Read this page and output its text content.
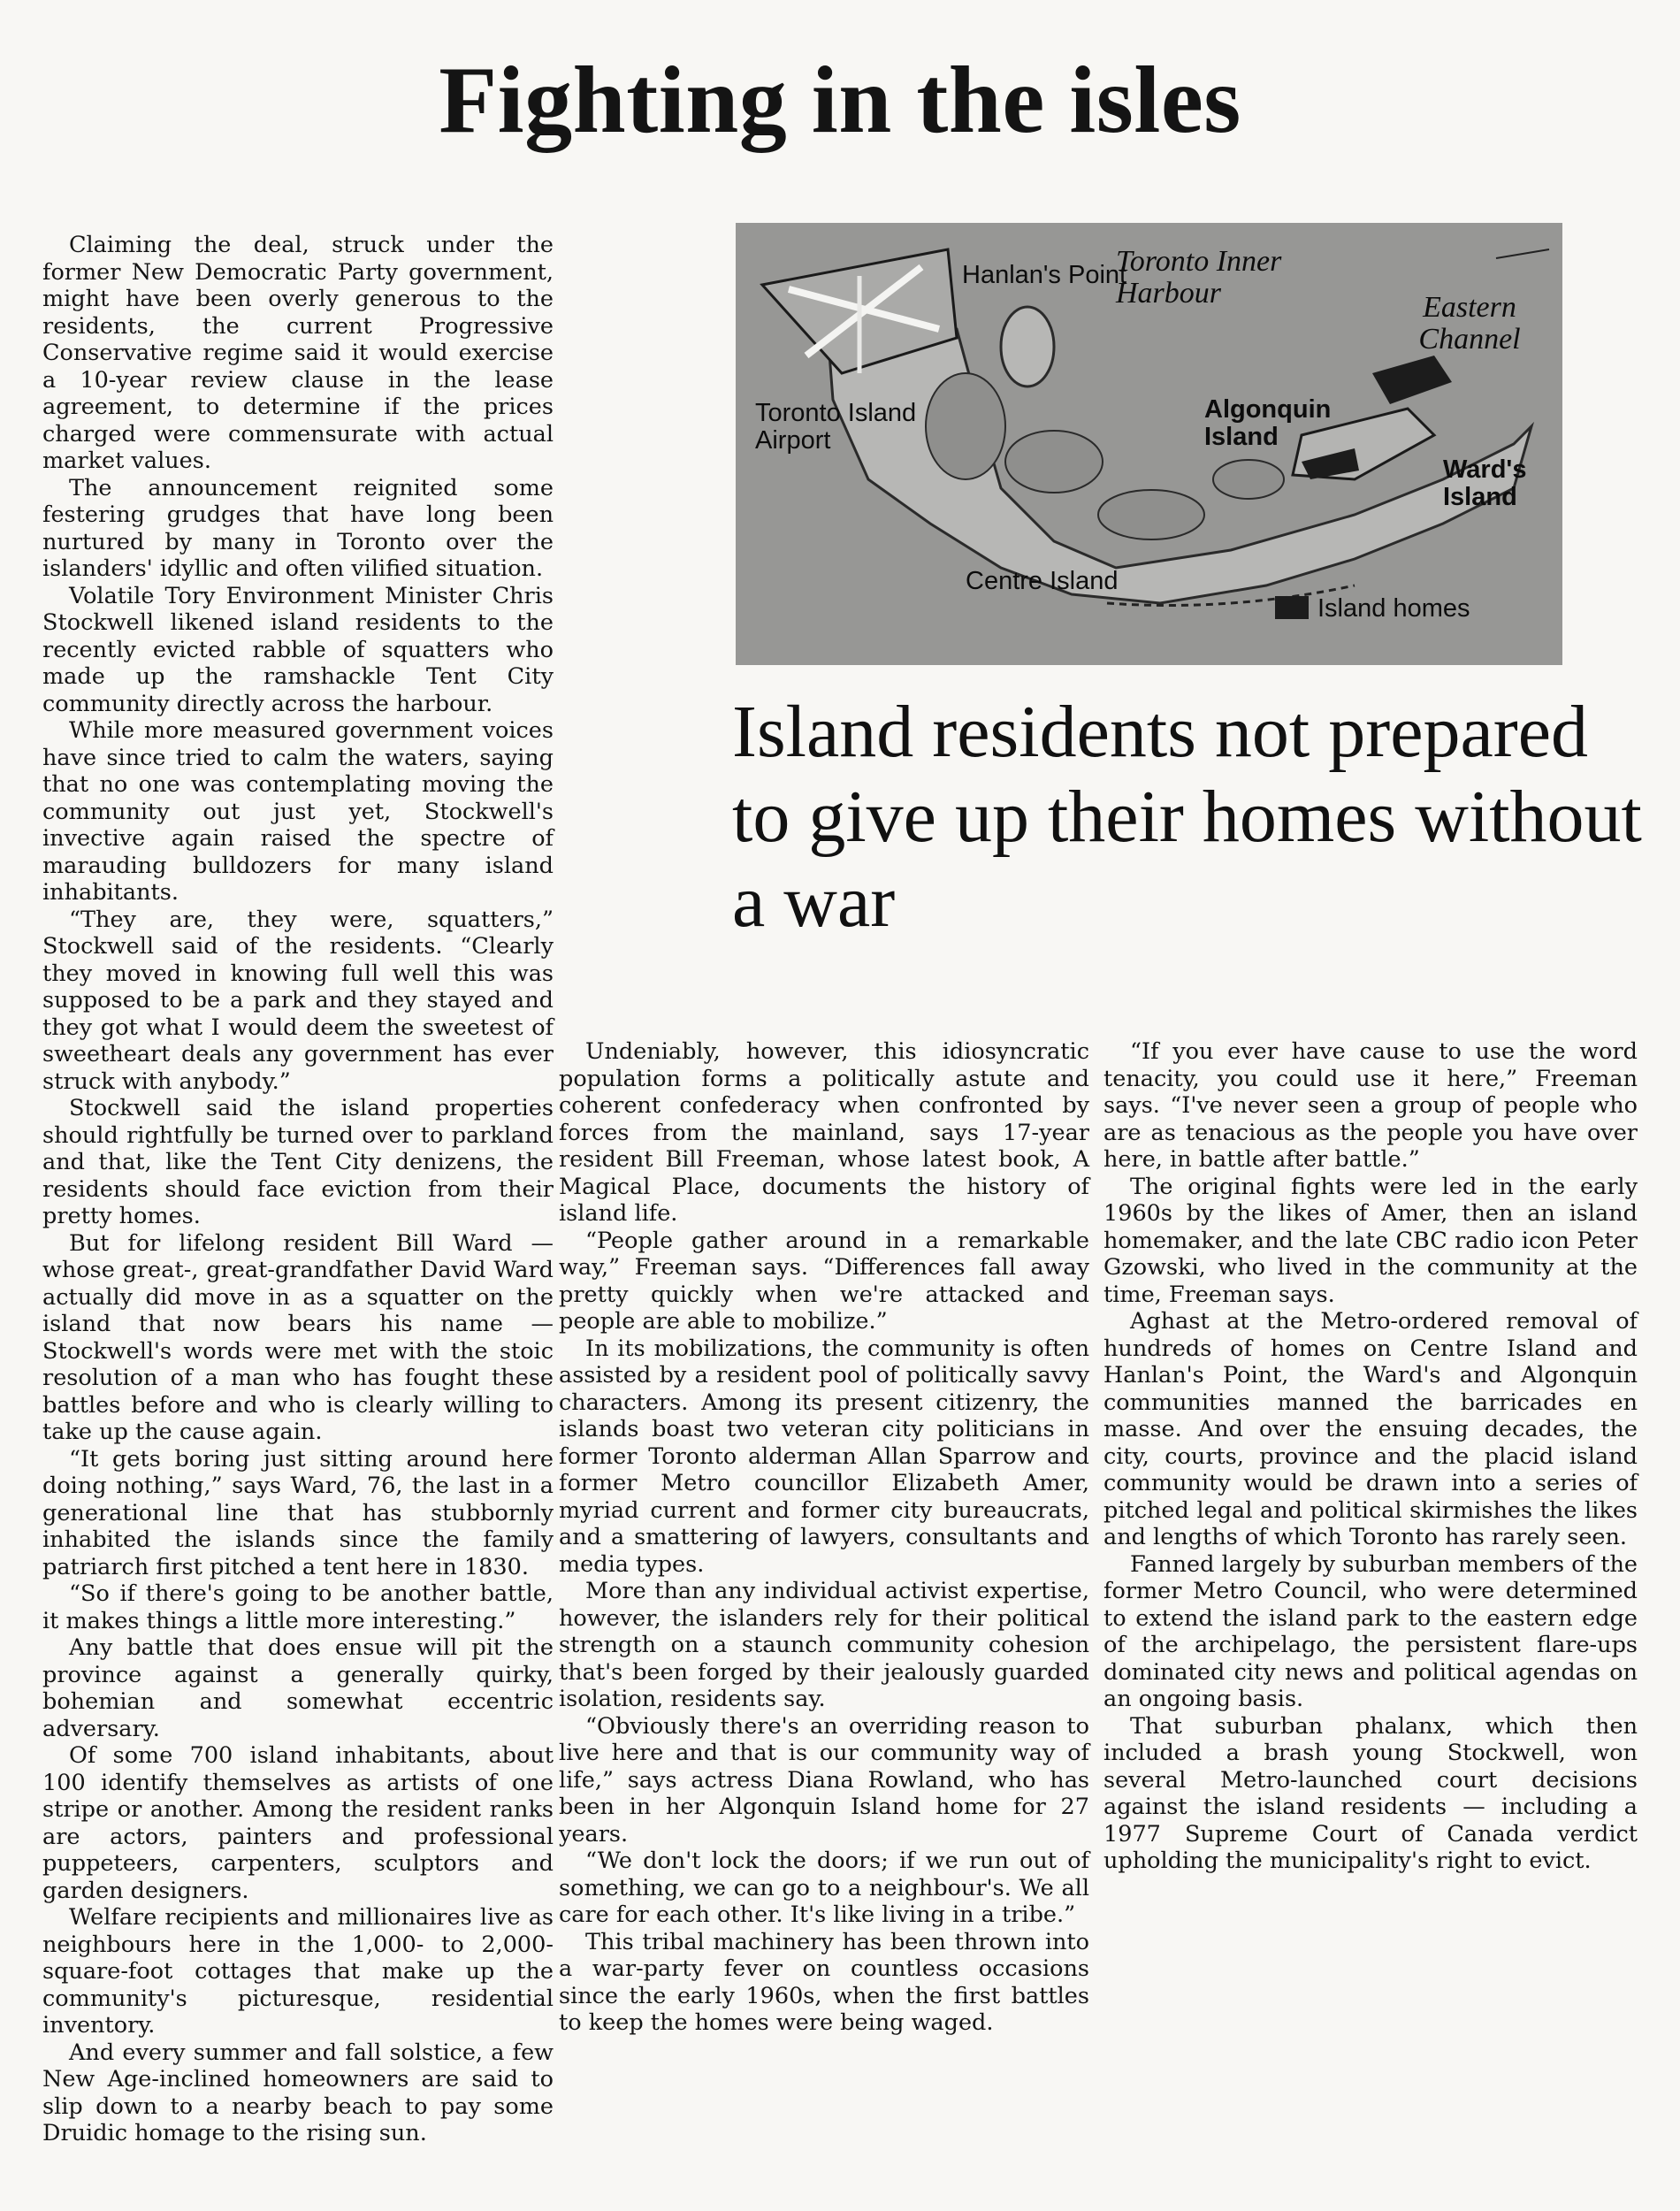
Fighting in the isles

Claiming the deal, struck under the former New Democratic Party government, might have been overly generous to the residents, the current Progressive Conservative regime said it would exercise a 10-year review clause in the lease agreement, to determine if the prices charged were commensurate with actual market values.

The announcement reignited some festering grudges that have long been nurtured by many in Toronto over the islanders' idyllic and often vilified situation.

Volatile Tory Environment Minister Chris Stockwell likened island residents to the recently evicted rabble of squatters who made up the ramshackle Tent City community directly across the harbour.

While more measured government voices have since tried to calm the waters, saying that no one was contemplating moving the community out just yet, Stockwell's invective again raised the spectre of marauding bulldozers for many island inhabitants.

“They are, they were, squatters,” Stockwell said of the residents. “Clearly they moved in knowing full well this was supposed to be a park and they stayed and they got what I would deem the sweetest of sweetheart deals any government has ever struck with anybody.”

Stockwell said the island properties should rightfully be turned over to parkland and that, like the Tent City denizens, the residents should face eviction from their pretty homes.

But for lifelong resident Bill Ward — whose great-, great-grandfather David Ward actually did move in as a squatter on the island that now bears his name — Stockwell's words were met with the stoic resolution of a man who has fought these battles before and who is clearly willing to take up the cause again.

“It gets boring just sitting around here doing nothing,” says Ward, 76, the last in a generational line that has stubbornly inhabited the islands since the family patriarch first pitched a tent here in 1830.

“So if there's going to be another battle, it makes things a little more interesting.”

Any battle that does ensue will pit the province against a generally quirky, bohemian and somewhat eccentric adversary.

Of some 700 island inhabitants, about 100 identify themselves as artists of one stripe or another. Among the resident ranks are actors, painters and professional puppeteers, carpenters, sculptors and garden designers.

Welfare recipients and millionaires live as neighbours here in the 1,000- to 2,000-square-foot cottages that make up the community's picturesque, residential inventory.

And every summer and fall solstice, a few New Age-inclined homeowners are said to slip down to a nearby beach to pay some Druidic homage to the rising sun.

Hanlan's Point
Toronto Inner Harbour	Eastern Channel
Toronto Island Airport
Algonquin Island
Ward's Island
Centre Island
Island homes
Island residents not prepared to give up their homes without a war

Undeniably, however, this idiosyncratic population forms a politically astute and coherent confederacy when confronted by forces from the mainland, says 17-year resident Bill Freeman, whose latest book, A Magical Place, documents the history of island life.

“People gather around in a remarkable way,” Freeman says. “Differences fall away pretty quickly when we're attacked and people are able to mobilize.”

In its mobilizations, the community is often assisted by a resident pool of politically savvy characters. Among its present citizenry, the islands boast two veteran city politicians in former Toronto alderman Allan Sparrow and former Metro councillor Elizabeth Amer, myriad current and former city bureaucrats, and a smattering of lawyers, consultants and media types.

More than any individual activist expertise, however, the islanders rely for their political strength on a staunch community cohesion that's been forged by their jealously guarded isolation, residents say.

“Obviously there's an overriding reason to live here and that is our community way of life,” says actress Diana Rowland, who has been in her Algonquin Island home for 27 years.

“We don't lock the doors; if we run out of something, we can go to a neighbour's. We all care for each other. It's like living in a tribe.”

This tribal machinery has been thrown into a war-party fever on countless occasions since the early 1960s, when the first battles to keep the homes were being waged.

“If you ever have cause to use the word tenacity, you could use it here,” Freeman says. “I've never seen a group of people who are as tenacious as the people you have over here, in battle after battle.”

The original fights were led in the early 1960s by the likes of Amer, then an island homemaker, and the late CBC radio icon Peter Gzowski, who lived in the community at the time, Freeman says.

Aghast at the Metro-ordered removal of hundreds of homes on Centre Island and Hanlan's Point, the Ward's and Algonquin communities manned the barricades en masse. And over the ensuing decades, the city, courts, province and the placid island community would be drawn into a series of pitched legal and political skirmishes the likes and lengths of which Toronto has rarely seen.

Fanned largely by suburban members of the former Metro Council, who were determined to extend the island park to the eastern edge of the archipelago, the persistent flare-ups dominated city news and political agendas on an ongoing basis.

That suburban phalanx, which then included a brash young Stockwell, won several Metro-launched court decisions against the island residents — including a 1977 Supreme Court of Canada verdict upholding the municipality's right to evict.
